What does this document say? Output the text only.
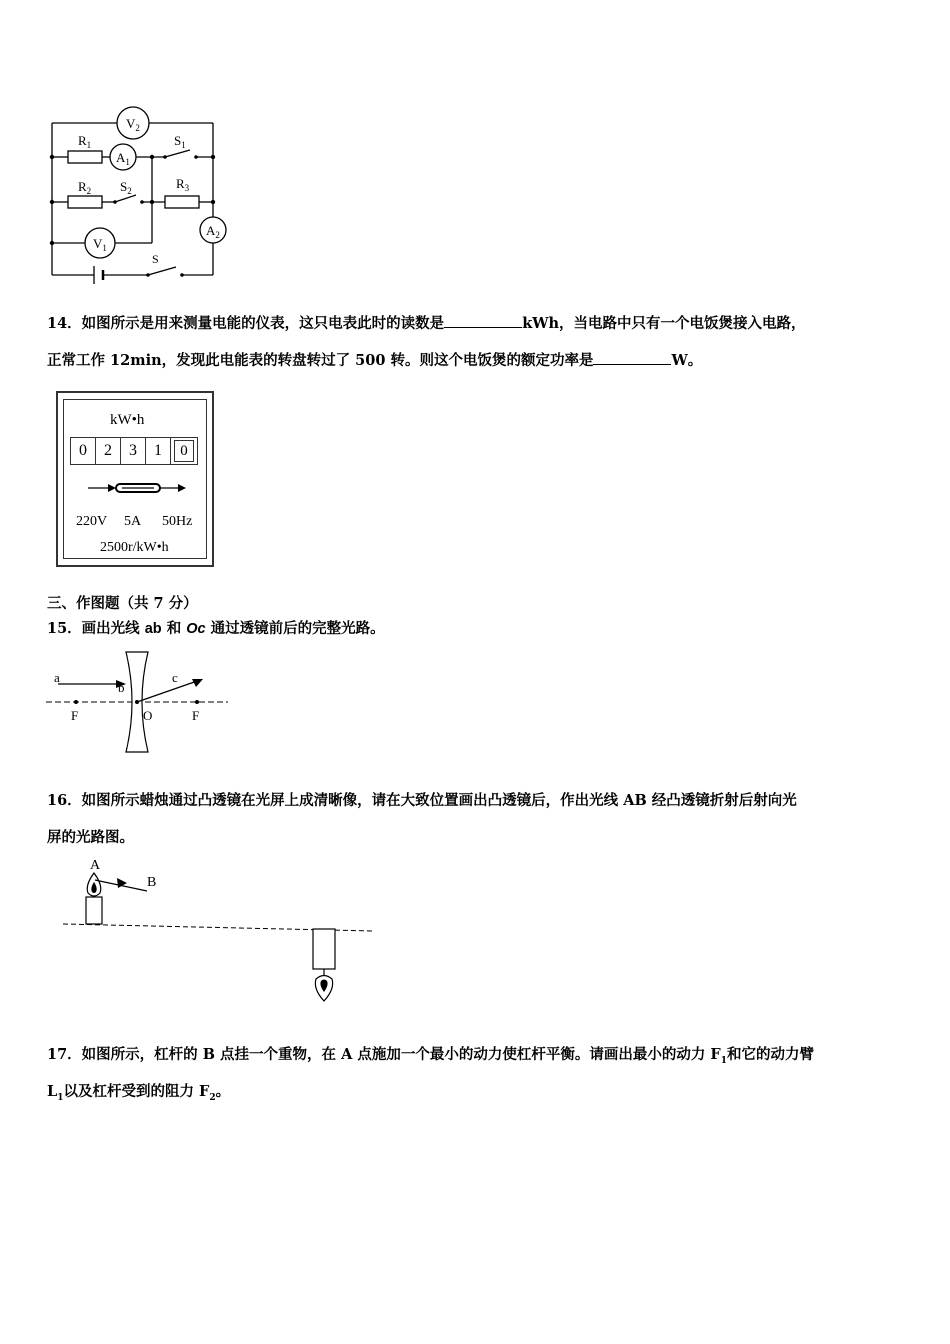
$V_2$
$A_1$
$V_1$
$A_2$
$R_1$	$S_1$
$R_2$ $S_2$	$R_3$
S
14．如图所示是用来测量电能的仪表，这只电表此时的读数是	kWh，当电路中只有一个电饭煲接入电路，
正常工作 12min，发现此电能表的转盘转过了 500 转。则这个电饭煲的额定功率是	W。
kW•h
0	2	3	1	0
220V 5A 50Hz
2500r/kW•h
三、作图题（共 7 分）
15．画出光线 ab 和 Oc 通过透镜前后的完整光路。
a
b
c
F	O	F
16．如图所示蜡烛通过凸透镜在光屏上成清晰像，请在大致位置画出凸透镜后，作出光线 AB 经凸透镜折射后射向光
屏的光路图。
A
B
17．如图所示，杠杆的 B 点挂一个重物，在 A 点施加一个最小的动力使杠杆平衡。请画出最小的动力 $F_1$和它的动力臂
$L_1$以及杠杆受到的阻力 $F_2$。
